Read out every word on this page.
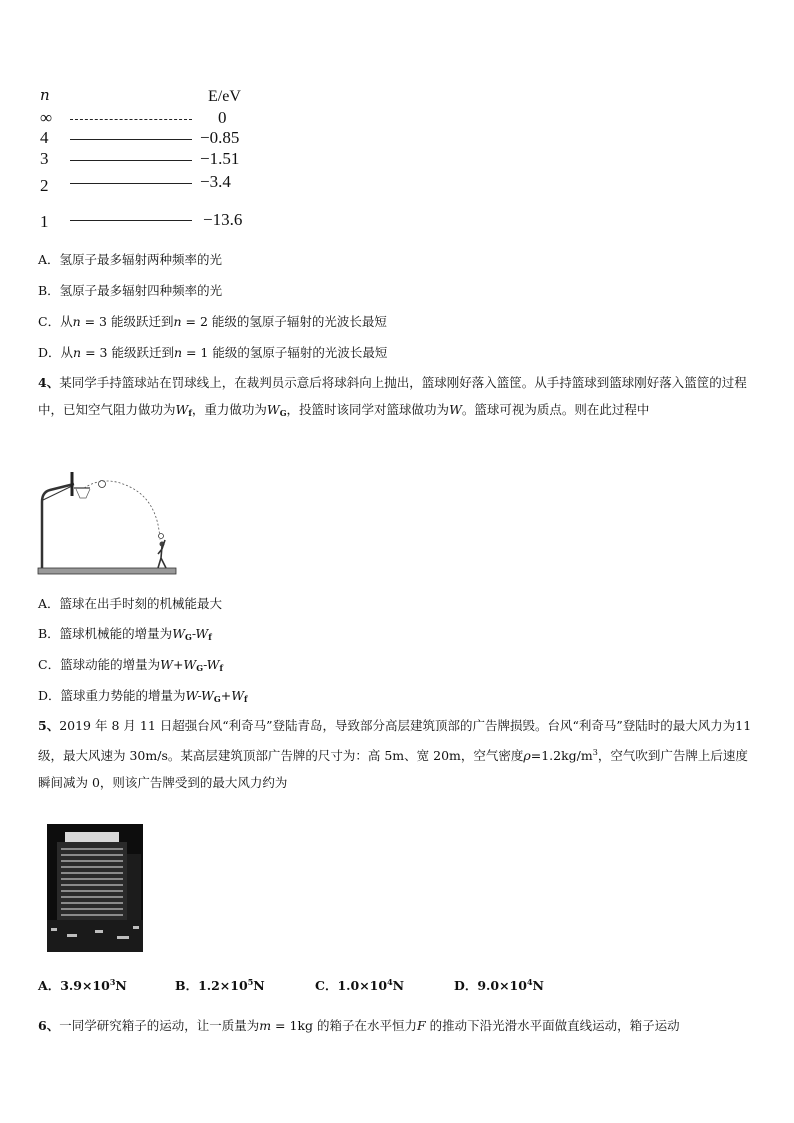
n	E/eV
∞	0
4	−0.85
3	−1.51
2	−3.4
1	−13.6
A．氢原子最多辐射两种频率的光
B．氢原子最多辐射四种频率的光
C．从n = 3 能级跃迁到n = 2 能级的氢原子辐射的光波长最短
D．从n = 3 能级跃迁到n = 1 能级的氢原子辐射的光波长最短
4、某同学手持篮球站在罚球线上，在裁判员示意后将球斜向上抛出，篮球刚好落入篮筐。从手持篮球到篮球刚好落入篮筐的过程中，已知空气阻力做功为$W_f$，重力做功为$W_G$，投篮时该同学对篮球做功为W。篮球可视为质点。则在此过程中
A．篮球在出手时刻的机械能最大
B．篮球机械能的增量为$W_G-W_f$
C．篮球动能的增量为$W+W_G-W_f$
D．篮球重力势能的增量为$W-W_G+W_f$
5、2019 年 8 月 11 日超强台风“利奇马”登陆青岛，导致部分高层建筑顶部的广告牌损毁。台风“利奇马”登陆时的最大风力为11 级，最大风速为 30m/s。某高层建筑顶部广告牌的尺寸为：高 5m、宽 20m，空气密度$\rho=1.2kg/m^3$，空气吹到广告牌上后速度瞬间减为 0，则该广告牌受到的最大风力约为
A．$3.9\times 10^3N$	B．$1.2\times 10^5N$	C．$1.0\times 10^4N$	D．$9.0\times 10^4N$
6、一同学研究箱子的运动，让一质量为m = 1kg 的箱子在水平恒力F 的推动下沿光滑水平面做直线运动，箱子运动
